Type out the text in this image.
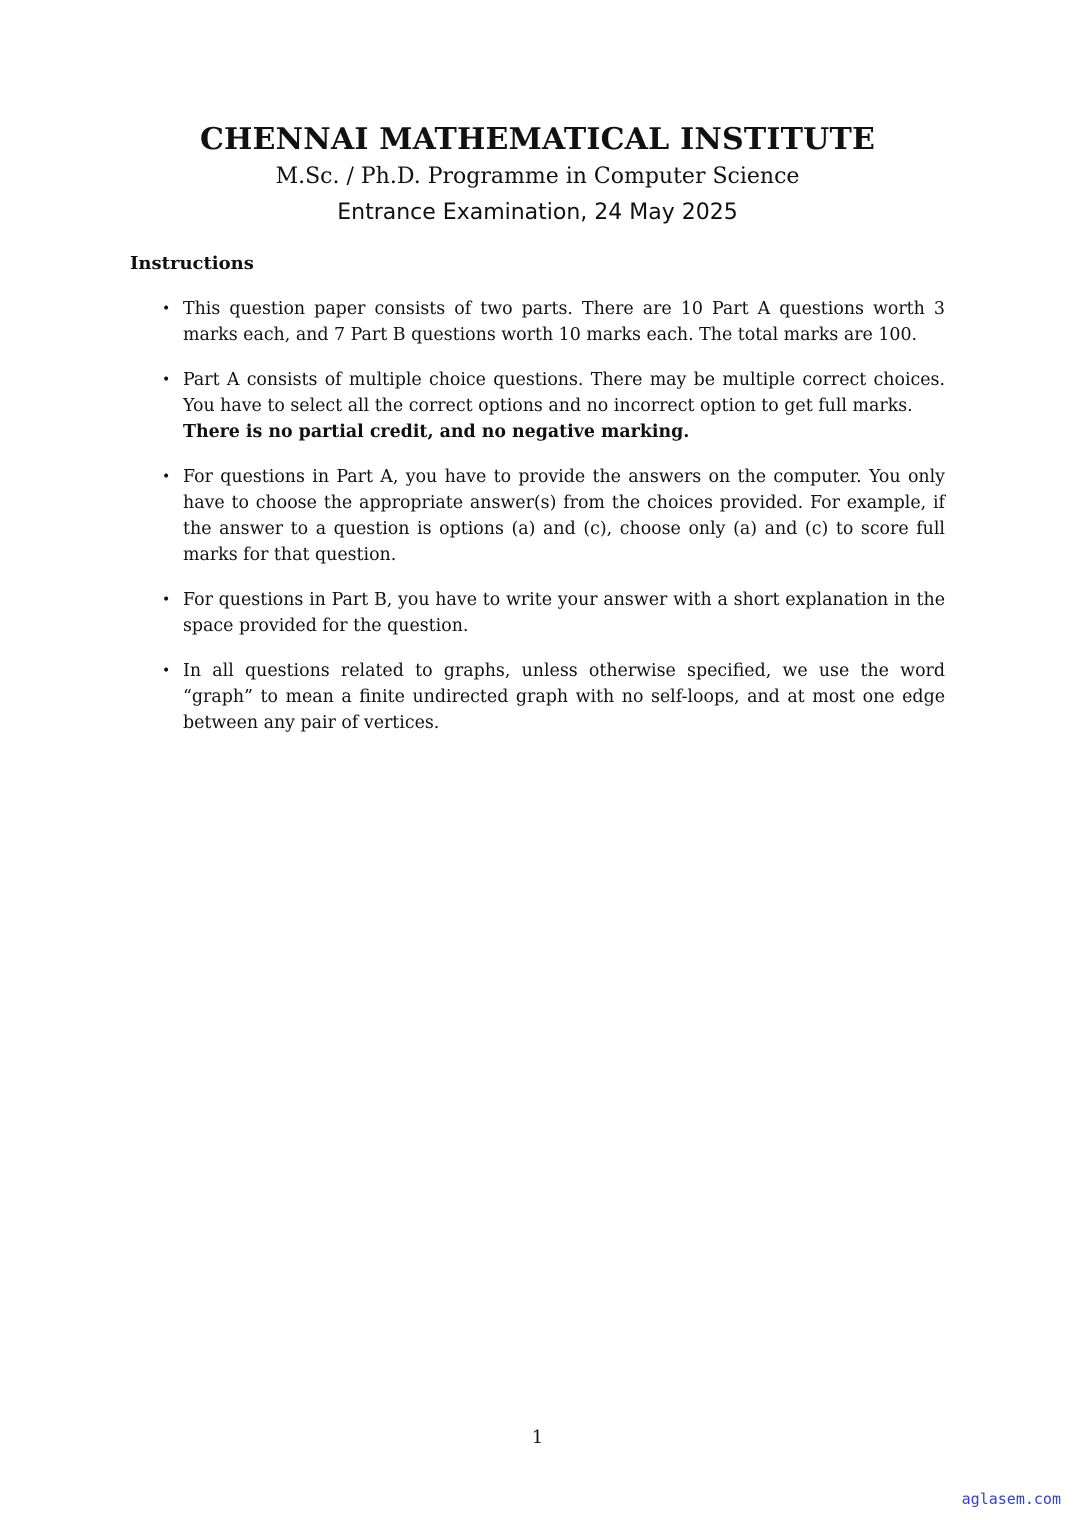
CHENNAI MATHEMATICAL INSTITUTE
M.Sc. / Ph.D. Programme in Computer Science
Entrance Examination, 24 May 2025
Instructions
• This question paper consists of two parts. There are 10 Part A questions worth 3 marks each, and 7 Part B questions worth 10 marks each. The total marks are 100.
• Part A consists of multiple choice questions. There may be multiple correct choices. You have to select all the correct options and no incorrect option to get full marks.
There is no partial credit, and no negative marking.
• For questions in Part A, you have to provide the answers on the computer. You only have to choose the appropriate answer(s) from the choices provided. For example, if the answer to a question is options (a) and (c), choose only (a) and (c) to score full marks for that question.
• For questions in Part B, you have to write your answer with a short explanation in the space provided for the question.
• In all questions related to graphs, unless otherwise specified, we use the word “graph” to mean a finite undirected graph with no self-loops, and at most one edge between any pair of vertices.
1
aglasem.com
